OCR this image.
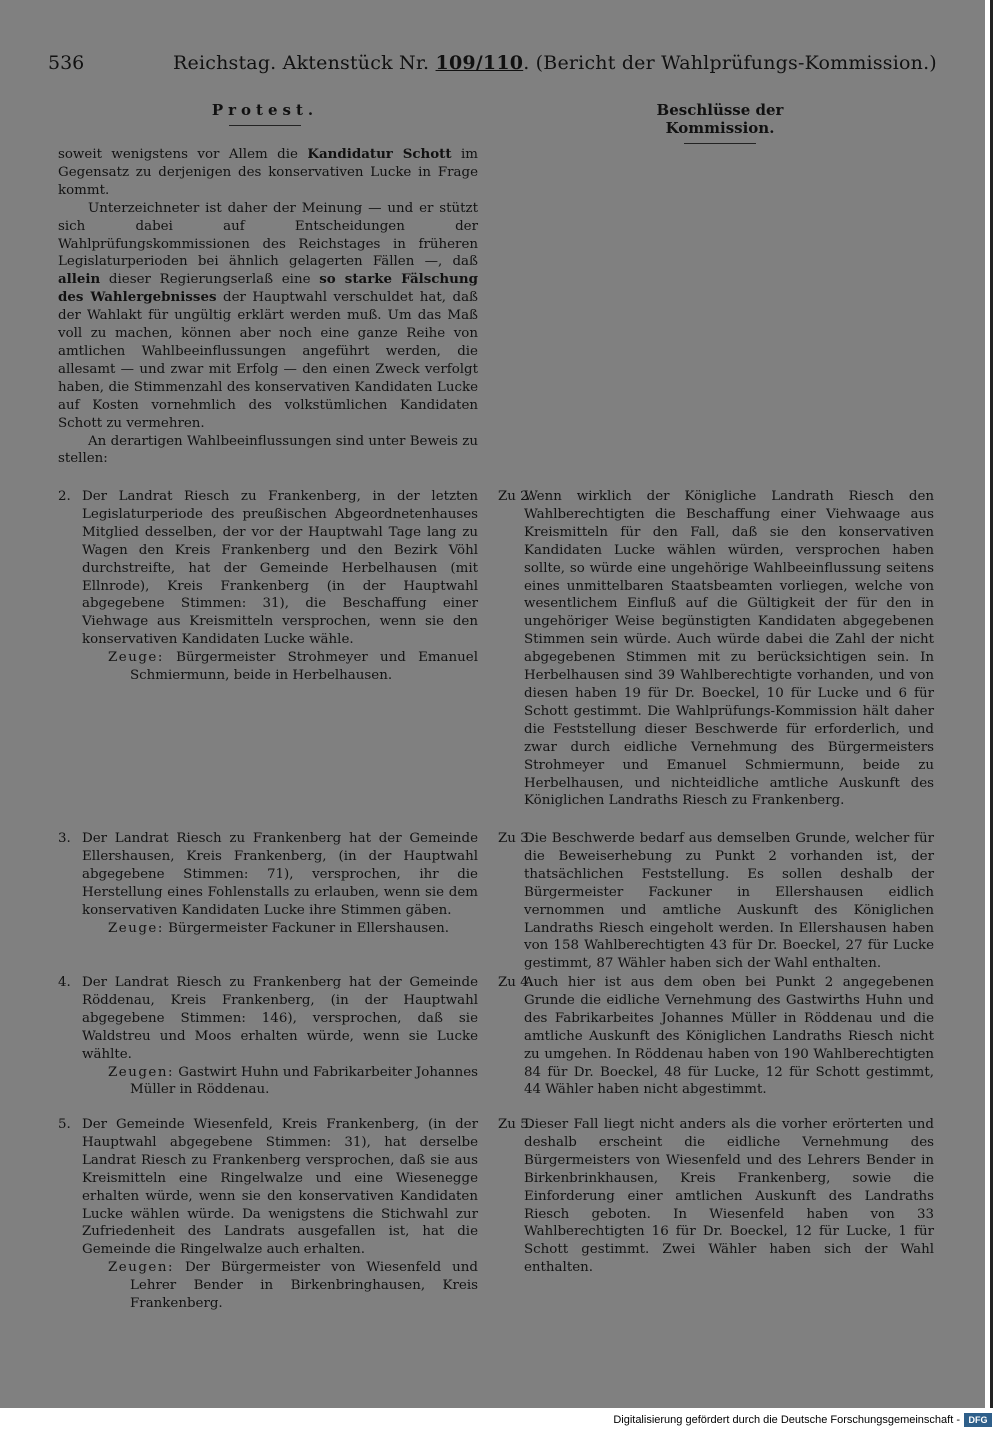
536	Reichstag. Aktenstück Nr. 109/110. (Bericht der Wahlprüfungs-Kommission.)
Protest.	Beschlüsse der Kommission.

soweit wenigstens vor Allem die Kandidatur Schott im Gegensatz zu derjenigen des konservativen Lucke in Frage kommt.

Unterzeichneter ist daher der Meinung — und er stützt sich dabei auf Entscheidungen der Wahlprüfungskommissionen des Reichstages in früheren Legislaturperioden bei ähnlich gelagerten Fällen —, daß allein dieser Regierungserlaß eine so starke Fälschung des Wahlergebnisses der Hauptwahl verschuldet hat, daß der Wahlakt für ungültig erklärt werden muß. Um das Maß voll zu machen, können aber noch eine ganze Reihe von amtlichen Wahlbeeinflussungen angeführt werden, die allesamt — und zwar mit Erfolg — den einen Zweck verfolgt haben, die Stimmenzahl des konservativen Kandidaten Lucke auf Kosten vornehmlich des volkstümlichen Kandidaten Schott zu vermehren.

An derartigen Wahlbeeinflussungen sind unter Beweis zu stellen:

2. Der Landrat Riesch zu Frankenberg, in der letzten Legislaturperiode des preußischen Abgeordnetenhauses Mitglied desselben, der vor der Hauptwahl Tage lang zu Wagen den Kreis Frankenberg und den Bezirk Vöhl durchstreifte, hat der Gemeinde Herbelhausen (mit Ellnrode), Kreis Frankenberg (in der Hauptwahl abgegebene Stimmen: 31), die Beschaffung einer Viehwage aus Kreismitteln versprochen, wenn sie den konservativen Kandidaten Lucke wähle.
Zeuge: Bürgermeister Strohmeyer und Emanuel Schmiermunn, beide in Herbelhausen.
3. Der Landrat Riesch zu Frankenberg hat der Gemeinde Ellershausen, Kreis Frankenberg, (in der Hauptwahl abgegebene Stimmen: 71), versprochen, ihr die Herstellung eines Fohlenstalls zu erlauben, wenn sie dem konservativen Kandidaten Lucke ihre Stimmen gäben.
Zeuge: Bürgermeister Fackuner in Ellershausen.
4. Der Landrat Riesch zu Frankenberg hat der Gemeinde Röddenau, Kreis Frankenberg, (in der Hauptwahl abgegebene Stimmen: 146), versprochen, daß sie Waldstreu und Moos erhalten würde, wenn sie Lucke wählte.
Zeugen: Gastwirt Huhn und Fabrikarbeiter Johannes Müller in Röddenau.
5. Der Gemeinde Wiesenfeld, Kreis Frankenberg, (in der Hauptwahl abgegebene Stimmen: 31), hat derselbe Landrat Riesch zu Frankenberg versprochen, daß sie aus Kreismitteln eine Ringelwalze und eine Wiesenegge erhalten würde, wenn sie den konservativen Kandidaten Lucke wählen würde. Da wenigstens die Stichwahl zur Zufriedenheit des Landrats ausgefallen ist, hat die Gemeinde die Ringelwalze auch erhalten.
Zeugen: Der Bürgermeister von Wiesenfeld und Lehrer Bender in Birkenbringhausen, Kreis Frankenberg.
Zu 2.
Wenn wirklich der Königliche Landrath Riesch den Wahlberechtigten die Beschaffung einer Viehwaage aus Kreismitteln für den Fall, daß sie den konservativen Kandidaten Lucke wählen würden, versprochen haben sollte, so würde eine ungehörige Wahlbeeinflussung seitens eines unmittelbaren Staatsbeamten vorliegen, welche von wesentlichem Einfluß auf die Gültigkeit der für den in ungehöriger Weise begünstigten Kandidaten abgegebenen Stimmen sein würde. Auch würde dabei die Zahl der nicht abgegebenen Stimmen mit zu berücksichtigen sein. In Herbelhausen sind 39 Wahlberechtigte vorhanden, und von diesen haben 19 für Dr. Boeckel, 10 für Lucke und 6 für Schott gestimmt. Die Wahlprüfungs-Kommission hält daher die Feststellung dieser Beschwerde für erforderlich, und zwar durch eidliche Vernehmung des Bürgermeisters Strohmeyer und Emanuel Schmiermunn, beide zu Herbelhausen, und nichteidliche amtliche Auskunft des Königlichen Landraths Riesch zu Frankenberg.
Zu 3.
Die Beschwerde bedarf aus demselben Grunde, welcher für die Beweiserhebung zu Punkt 2 vorhanden ist, der thatsächlichen Feststellung. Es sollen deshalb der Bürgermeister Fackuner in Ellershausen eidlich vernommen und amtliche Auskunft des Königlichen Landraths Riesch eingeholt werden. In Ellershausen haben von 158 Wahlberechtigten 43 für Dr. Boeckel, 27 für Lucke gestimmt, 87 Wähler haben sich der Wahl enthalten.
Zu 4.
Auch hier ist aus dem oben bei Punkt 2 angegebenen Grunde die eidliche Vernehmung des Gastwirths Huhn und des Fabrikarbeites Johannes Müller in Röddenau und die amtliche Auskunft des Königlichen Landraths Riesch nicht zu umgehen. In Röddenau haben von 190 Wahlberechtigten 84 für Dr. Boeckel, 48 für Lucke, 12 für Schott gestimmt, 44 Wähler haben nicht abgestimmt.
Zu 5.
Dieser Fall liegt nicht anders als die vorher erörterten und deshalb erscheint die eidliche Vernehmung des Bürgermeisters von Wiesenfeld und des Lehrers Bender in Birkenbrinkhausen, Kreis Frankenberg, sowie die Einforderung einer amtlichen Auskunft des Landraths Riesch geboten. In Wiesenfeld haben von 33 Wahlberechtigten 16 für Dr. Boeckel, 12 für Lucke, 1 für Schott gestimmt. Zwei Wähler haben sich der Wahl enthalten.
Digitalisierung gefördert durch die Deutsche Forschungsgemeinschaft - DFG
